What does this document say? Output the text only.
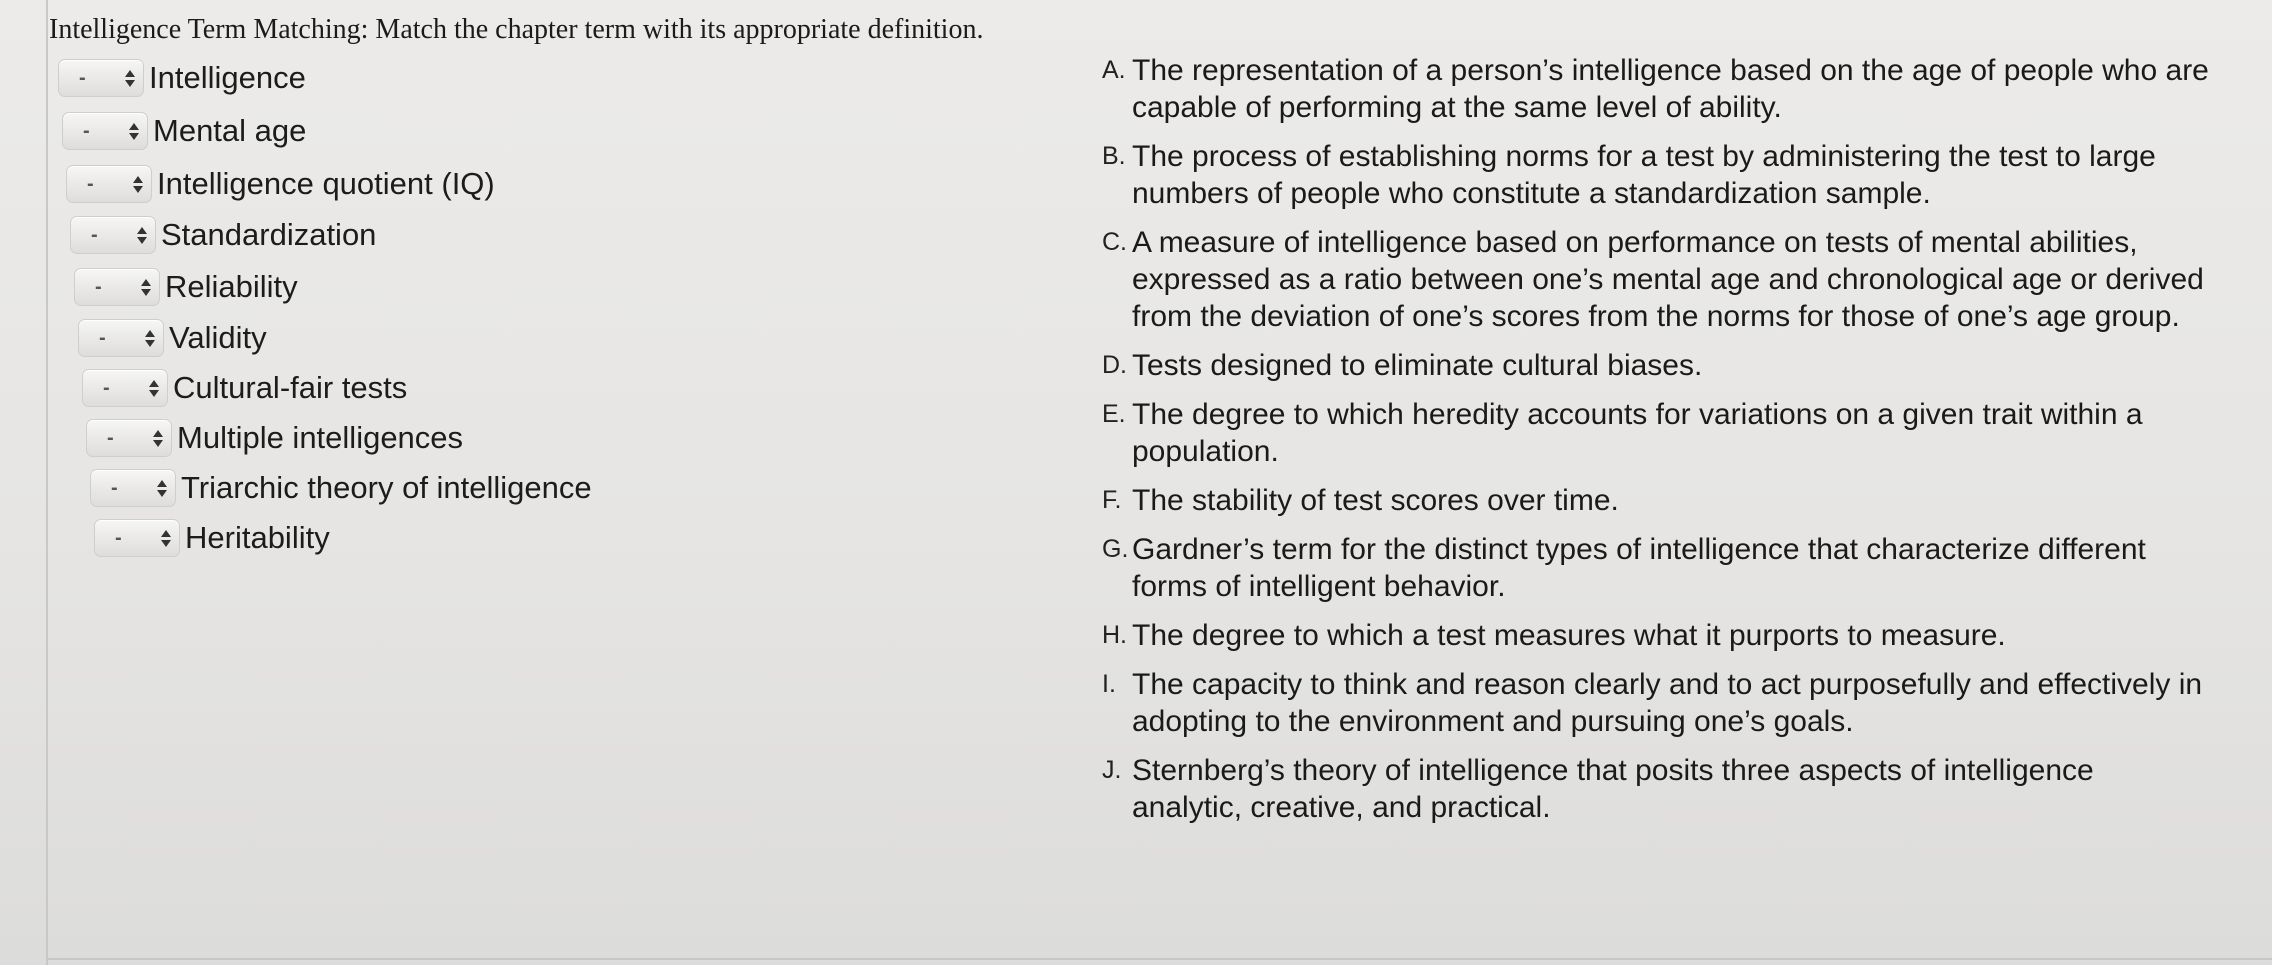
Intelligence Term Matching: Match the chapter term with its appropriate definition.
- Intelligence
- Mental age
- Intelligence quotient (IQ)
- Standardization
- Reliability
- Validity
- Cultural-fair tests
- Multiple intelligences
- Triarchic theory of intelligence
- Heritability
A. The representation of a person’s intelligence based on the age of people who are capable of performing at the same level of ability.
B. The process of establishing norms for a test by administering the test to large numbers of people who constitute a standardization sample.
C. A measure of intelligence based on performance on tests of mental abilities, expressed as a ratio between one’s mental age and chronological age or derived from the deviation of one’s scores from the norms for those of one’s age group.
D. Tests designed to eliminate cultural biases.
E. The degree to which heredity accounts for variations on a given trait within a population.
F. The stability of test scores over time.
G. Gardner’s term for the distinct types of intelligence that characterize different forms of intelligent behavior.
H. The degree to which a test measures what it purports to measure.
I. The capacity to think and reason clearly and to act purposefully and effectively in adopting to the environment and pursuing one’s goals.
J. Sternberg’s theory of intelligence that posits three aspects of intelligence analytic, creative, and practical.
